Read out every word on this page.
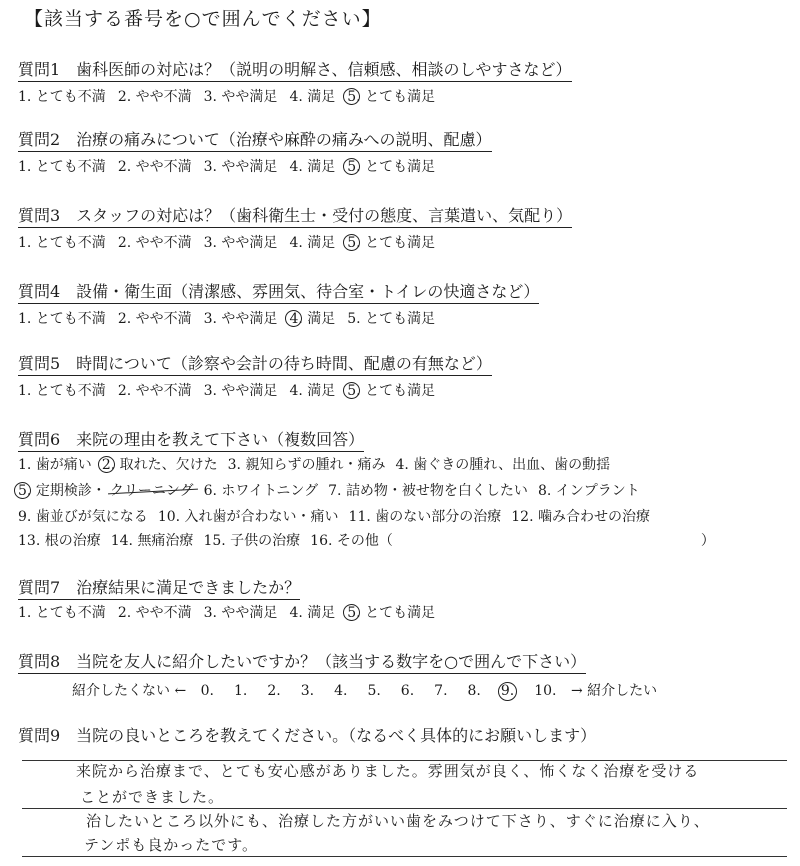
【該当する番号を○で囲んでください】
質問1　歯科医師の対応は？（説明の明解さ、信頼感、相談のしやすさなど）
1. とても不満 2. やや不満 3. やや満足 4. 満足 5. とても満足
質問2　治療の痛みについて（治療や麻酔の痛みへの説明、配慮）
1. とても不満 2. やや不満 3. やや満足 4. 満足 5. とても満足
質問3　スタッフの対応は？（歯科衛生士・受付の態度、言葉遣い、気配り）
1. とても不満 2. やや不満 3. やや満足 4. 満足 5. とても満足
質問4　設備・衛生面（清潔感、雰囲気、待合室・トイレの快適さなど）
1. とても不満 2. やや不満 3. やや満足 4. 満足 5. とても満足
質問5　時間について（診察や会計の待ち時間、配慮の有無など）
1. とても不満 2. やや不満 3. やや満足 4. 満足 5. とても満足
質問6　来院の理由を教えて下さい（複数回答）
1. 歯が痛い 2. 取れた、欠けた 3. 親知らずの腫れ・痛み 4. 歯ぐきの腫れ、出血、歯の動揺
5. 定期検診・ クリーニング 6. ホワイトニング 7. 詰め物・被せ物を白くしたい 8. インプラント
9. 歯並びが気になる 10. 入れ歯が合わない・痛い 11. 歯のない部分の治療 12. 噛み合わせの治療
13. 根の治療 14. 無痛治療 15. 子供の治療 16. その他（　　　　　　　　　　　　　　　　　　　　　　）
質問7　治療結果に満足できましたか？
1. とても不満 2. やや不満 3. やや満足 4. 満足 5. とても満足
質問8　当院を友人に紹介したいですか？（該当する数字を○で囲んで下さい）
紹介したくない ← 0. 1. 2. 3. 4. 5. 6. 7. 8. 9. 10. → 紹介したい
質問9　当院の良いところを教えてください。（なるべく具体的にお願いします）
来院から治療まで、とても安心感がありました。雰囲気が良く、怖くなく治療を受ける
ことができました。
治したいところ以外にも、治療した方がいい歯をみつけて下さり、すぐに治療に入り、
テンポも良かったです。
